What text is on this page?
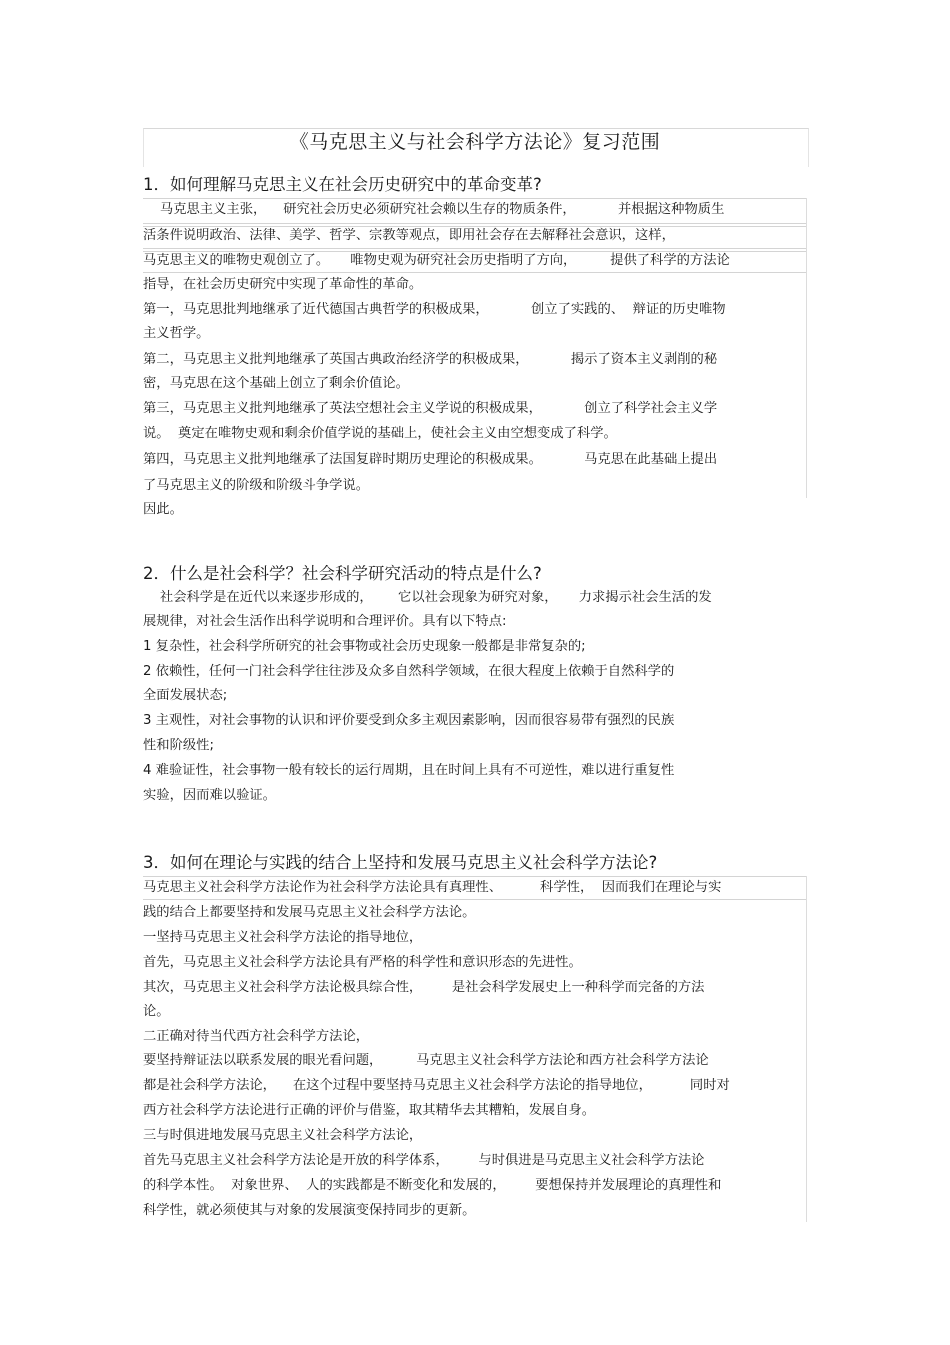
《马克思主义与社会科学方法论》复习范围
1．如何理解马克思主义在社会历史研究中的革命变革?
马克思主义主张，    研究社会历史必须研究社会赖以生存的物质条件，          并根据这种物质生
活条件说明政治、法律、美学、哲学、宗教等观点，即用社会存在去解释社会意识，这样，
马克思主义的唯物史观创立了。     唯物史观为研究社会历史指明了方向，        提供了科学的方法论
指导，在社会历史研究中实现了革命性的革命。
第一，马克思批判地继承了近代德国古典哲学的积极成果，          创立了实践的、  辩证的历史唯物
主义哲学。
第二，马克思主义批判地继承了英国古典政治经济学的积极成果，          揭示了资本主义剥削的秘
密，马克思在这个基础上创立了剩余价值论。
第三，马克思主义批判地继承了英法空想社会主义学说的积极成果，          创立了科学社会主义学
说。  奠定在唯物史观和剩余价值学说的基础上，使社会主义由空想变成了科学。
第四，马克思主义批判地继承了法国复辟时期历史理论的积极成果。          马克思在此基础上提出
了马克思主义的阶级和阶级斗争学说。
因此。
2．什么是社会科学？社会科学研究活动的特点是什么?
社会科学是在近代以来逐步形成的，      它以社会现象为研究对象，     力求揭示社会生活的发
展规律，对社会生活作出科学说明和合理评价。具有以下特点:
1 复杂性，社会科学所研究的社会事物或社会历史现象一般都是非常复杂的;
2 依赖性，任何一门社会科学往往涉及众多自然科学领域，在很大程度上依赖于自然科学的
全面发展状态;
3 主观性，对社会事物的认识和评价要受到众多主观因素影响，因而很容易带有强烈的民族
性和阶级性;
4 难验证性，社会事物一般有较长的运行周期，且在时间上具有不可逆性，难以进行重复性
实验，因而难以验证。
3．如何在理论与实践的结合上坚持和发展马克思主义社会科学方法论?
马克思主义社会科学方法论作为社会科学方法论具有真理性、         科学性，  因而我们在理论与实
践的结合上都要坚持和发展马克思主义社会科学方法论。
一坚持马克思主义社会科学方法论的指导地位，
首先，马克思主义社会科学方法论具有严格的科学性和意识形态的先进性。
其次，马克思主义社会科学方法论极具综合性，       是社会科学发展史上一种科学而完备的方法
论。
二正确对待当代西方社会科学方法论，
要坚持辩证法以联系发展的眼光看问题，        马克思主义社会科学方法论和西方社会科学方法论
都是社会科学方法论，    在这个过程中要坚持马克思主义社会科学方法论的指导地位，         同时对
西方社会科学方法论进行正确的评价与借鉴，取其精华去其糟粕，发展自身。
三与时俱进地发展马克思主义社会科学方法论，
首先马克思主义社会科学方法论是开放的科学体系，       与时俱进是马克思主义社会科学方法论
的科学本性。  对象世界、  人的实践都是不断变化和发展的，       要想保持并发展理论的真理性和
科学性，就必须使其与对象的发展演变保持同步的更新。
